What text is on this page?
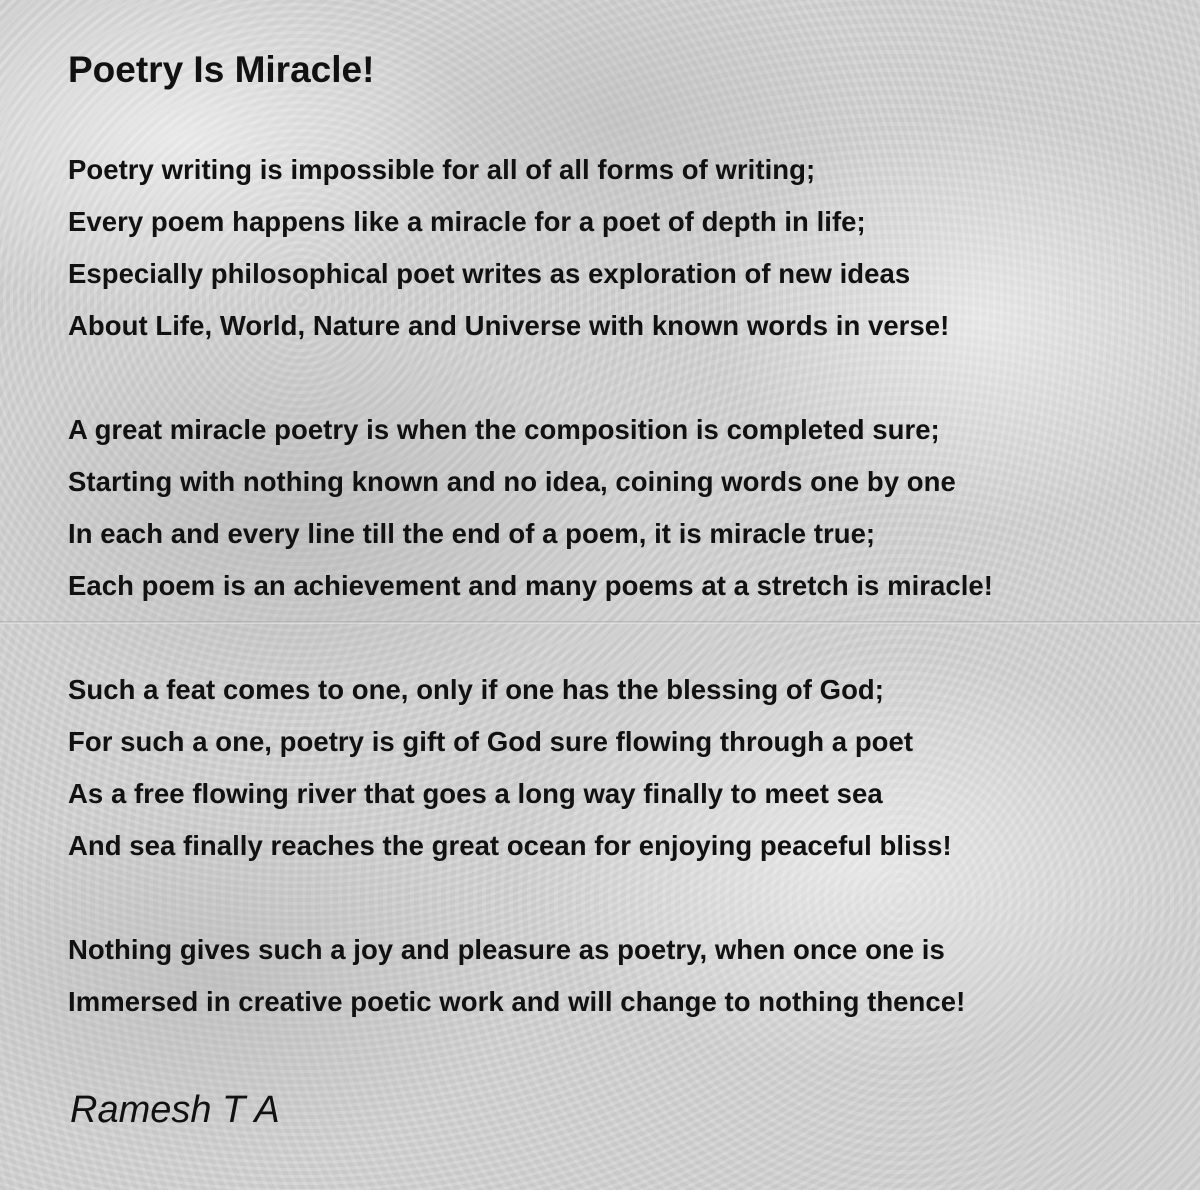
Poetry Is Miracle!
Poetry writing is impossible for all of all forms of writing;
Every poem happens like a miracle for a poet of depth in life;
Especially philosophical poet writes as exploration of new ideas
About Life, World, Nature and Universe with known words in verse!
A great miracle poetry is when the composition is completed sure;
Starting with nothing known and no idea, coining words one by one
In each and every line till the end of a poem, it is miracle true;
Each poem is an achievement and many poems at a stretch is miracle!
Such a feat comes to one, only if one has the blessing of God;
For such a one, poetry is gift of God sure flowing through a poet
As a free flowing river that goes a long way finally to meet sea
And sea finally reaches the great ocean for enjoying peaceful bliss!
Nothing gives such a joy and pleasure as poetry, when once one is
Immersed in creative poetic work and will change to nothing thence!
Ramesh T A
